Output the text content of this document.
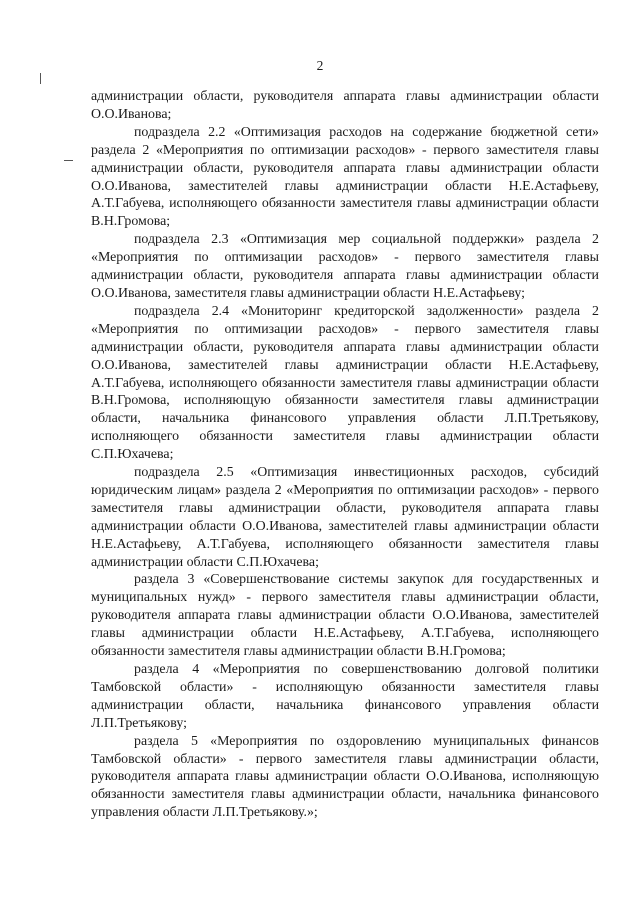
2

администрации области, руководителя аппарата главы администрации области О.О.Иванова;

подраздела 2.2 «Оптимизация расходов на содержание бюджетной сети» раздела 2 «Мероприятия по оптимизации расходов» - первого заместителя главы администрации области, руководителя аппарата главы администрации области О.О.Иванова, заместителей главы администрации области Н.Е.Астафьеву, А.Т.Габуева, исполняющего обязанности заместителя главы администрации области В.Н.Громова;

подраздела 2.3 «Оптимизация мер социальной поддержки» раздела 2 «Мероприятия по оптимизации расходов» - первого заместителя главы администрации области, руководителя аппарата главы администрации области О.О.Иванова, заместителя главы администрации области Н.Е.Астафьеву;

подраздела 2.4 «Мониторинг кредиторской задолженности» раздела 2 «Мероприятия по оптимизации расходов» - первого заместителя главы администрации области, руководителя аппарата главы администрации области О.О.Иванова, заместителей главы администрации области Н.Е.Астафьеву, А.Т.Габуева, исполняющего обязанности заместителя главы администрации области В.Н.Громова, исполняющую обязанности заместителя главы администрации области, начальника финансового управления области Л.П.Третьякову, исполняющего обязанности заместителя главы администрации области С.П.Юхачева;

подраздела 2.5 «Оптимизация инвестиционных расходов, субсидий юридическим лицам» раздела 2 «Мероприятия по оптимизации расходов» - первого заместителя главы администрации области, руководителя аппарата главы администрации области О.О.Иванова, заместителей главы администрации области Н.Е.Астафьеву, А.Т.Габуева, исполняющего обязанности заместителя главы администрации области С.П.Юхачева;

раздела 3 «Совершенствование системы закупок для государственных и муниципальных нужд» - первого заместителя главы администрации области, руководителя аппарата главы администрации области О.О.Иванова, заместителей главы администрации области Н.Е.Астафьеву, А.Т.Габуева, исполняющего обязанности заместителя главы администрации области В.Н.Громова;

раздела 4 «Мероприятия по совершенствованию долговой политики Тамбовской области» - исполняющую обязанности заместителя главы администрации области, начальника финансового управления области Л.П.Третьякову;

раздела 5 «Мероприятия по оздоровлению муниципальных финансов Тамбовской области» - первого заместителя главы администрации области, руководителя аппарата главы администрации области О.О.Иванова, исполняющую обязанности заместителя главы администрации области, начальника финансового управления области Л.П.Третьякову.»;
